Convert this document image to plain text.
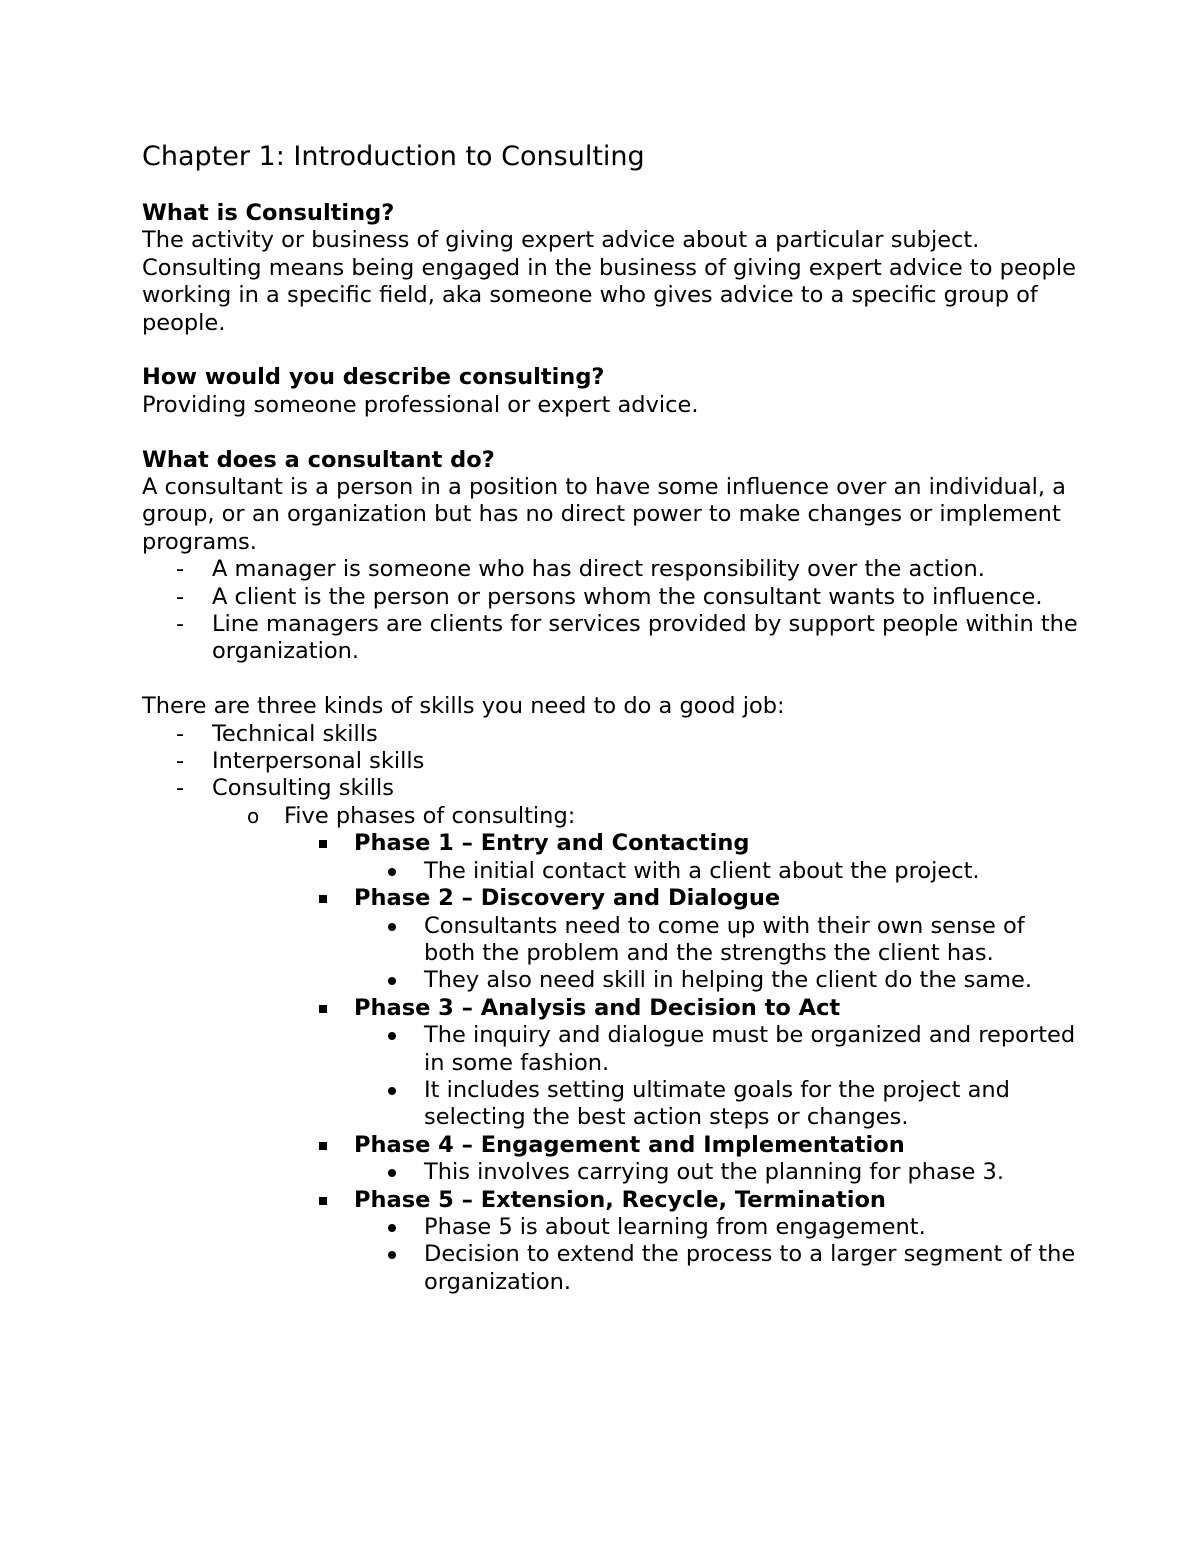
Chapter 1: Introduction to Consulting

What is Consulting?

The activity or business of giving expert advice about a particular subject. Consulting means being engaged in the business of giving expert advice to people working in a specific field, aka someone who gives advice to a specific group of people.

How would you describe consulting?

Providing someone professional or expert advice.

What does a consultant do?

A consultant is a person in a position to have some influence over an individual, a group, or an organization but has no direct power to make changes or implement programs.

- A manager is someone who has direct responsibility over the action.
- A client is the person or persons whom the consultant wants to influence.
- Line managers are clients for services provided by support people within the organization.

There are three kinds of skills you need to do a good job:

- Technical skills
- Interpersonal skills
- Consulting skills
o Five phases of consulting:
Phase 1 – Entry and Contacting
The initial contact with a client about the project.
Phase 2 – Discovery and Dialogue
Consultants need to come up with their own sense of both the problem and the strengths the client has.
They also need skill in helping the client do the same.
Phase 3 – Analysis and Decision to Act
The inquiry and dialogue must be organized and reported in some fashion.
It includes setting ultimate goals for the project and selecting the best action steps or changes.
Phase 4 – Engagement and Implementation
This involves carrying out the planning for phase 3.
Phase 5 – Extension, Recycle, Termination
Phase 5 is about learning from engagement.
Decision to extend the process to a larger segment of the organization.
